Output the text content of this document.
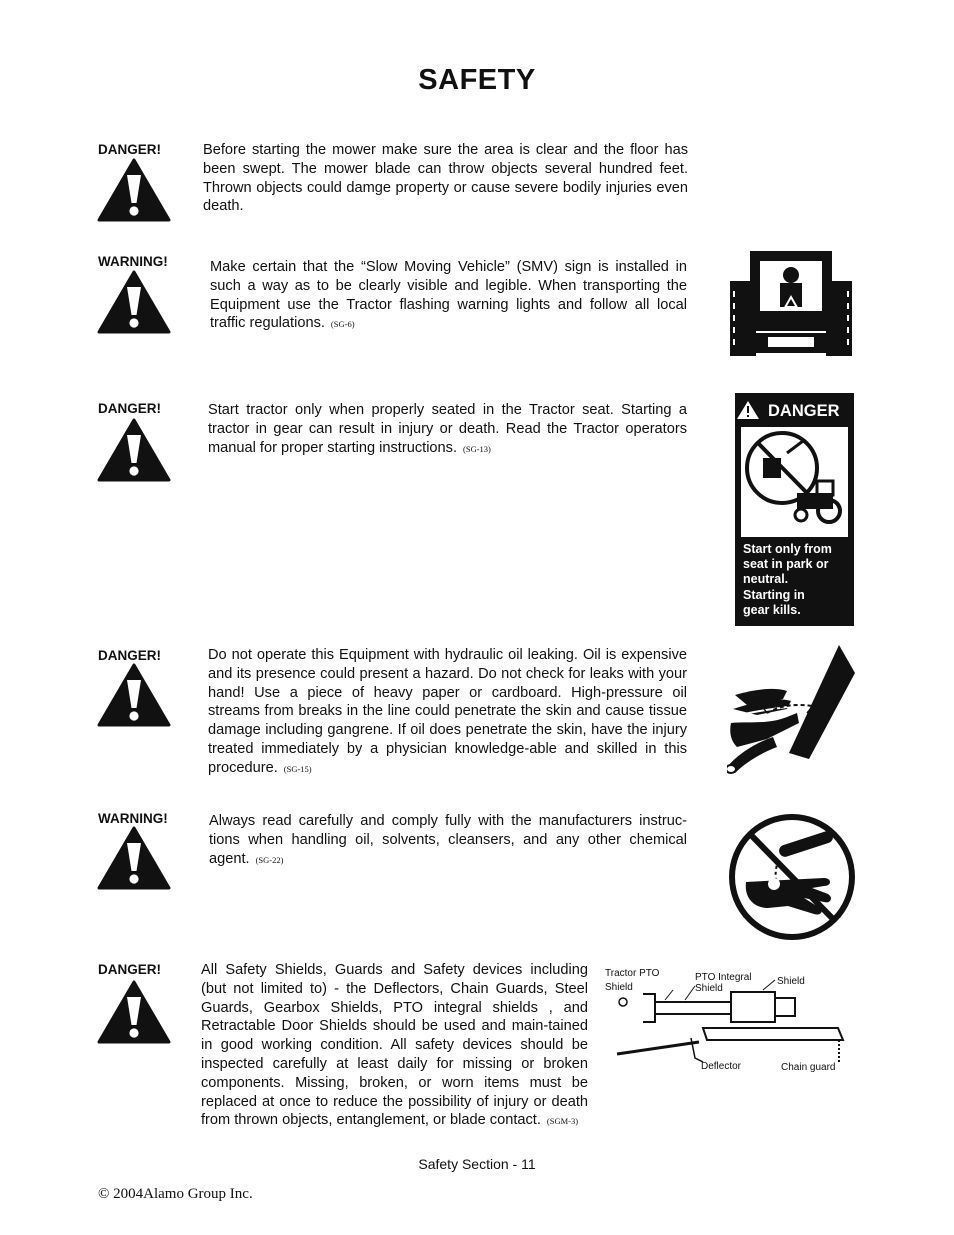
SAFETY
DANGER!	Before starting the mower make sure the area is clear and the floor has been swept. The mower blade can throw objects several hundred feet. Thrown objects could damge property or cause severe bodily injuries even death.
WARNING!	Make certain that the “Slow Moving Vehicle” (SMV) sign is installed in such a way as to be clearly visible and legible. When transporting the Equipment use the Tractor flashing warning lights and follow all local traffic regulations. (SG-6)
DANGER!	Start tractor only when properly seated in the Tractor seat. Starting a tractor in gear can result in injury or death. Read the Tractor operators manual for proper starting instructions. (SG-13)
DANGER
Start only from
seat in park or
neutral.
Starting in
gear kills.
DANGER!	Do not operate this Equipment with hydraulic oil leaking. Oil is expensive and its presence could present a hazard. Do not check for leaks with your hand! Use a piece of heavy paper or cardboard. High-pressure oil streams from breaks in the line could penetrate the skin and cause tissue damage including gangrene. If oil does penetrate the skin, have the injury treated immediately by a physician knowledge-able and skilled in this procedure. (SG-15)
WARNING!	Always read carefully and comply fully with the manufacturers instruc-tions when handling oil, solvents, cleansers, and any other chemical agent. (SG-22)
DANGER!	All Safety Shields, Guards and Safety devices including (but not limited to) - the Deflectors, Chain Guards, Steel Guards, Gearbox Shields, PTO integral shields , and Retractable Door Shields should be used and main-tained in good working condition. All safety devices should be inspected carefully at least daily for missing or broken components. Missing, broken, or worn items must be replaced at once to reduce the possibility of injury or death from thrown objects, entanglement, or blade contact. (SGM-3)
Tractor PTO
Shield
PTO Integral
Shield
Shield
Deflector	Chain guard
Safety Section - 11
© 2004Alamo Group Inc.
